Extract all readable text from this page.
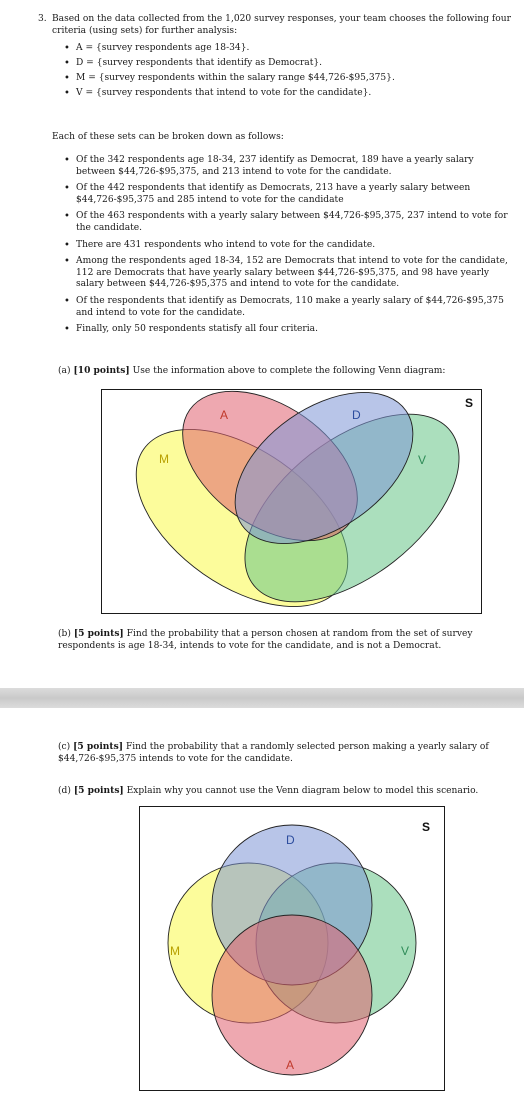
3. Based on the data collected from the 1,020 survey responses, your team chooses the following four criteria (using sets) for further analysis:

• A = {survey respondents age 18-34}.
• D = {survey respondents that identify as Democrat}.
• M = {survey respondents within the salary range $44,726-$95,375}.
• V = {survey respondents that intend to vote for the candidate}.

Each of these sets can be broken down as follows:

• Of the 342 respondents age 18-34, 237 identify as Democrat, 189 have a yearly salary between $44,726-$95,375, and 213 intend to vote for the candidate.
• Of the 442 respondents that identify as Democrats, 213 have a yearly salary between $44,726-$95,375 and 285 intend to vote for the candidate
• Of the 463 respondents with a yearly salary between $44,726-$95,375, 237 intend to vote for the candidate.
• There are 431 respondents who intend to vote for the candidate.
• Among the respondents aged 18-34, 152 are Democrats that intend to vote for the candidate, 112 are Democrats that have yearly salary between $44,726-$95,375, and 98 have yearly salary between $44,726-$95,375 and intend to vote for the candidate.
• Of the respondents that identify as Democrats, 110 make a yearly salary of $44,726-$95,375 and intend to vote for the candidate.
• Finally, only 50 respondents statisfy all four criteria.

(a) [10 points] Use the information above to complete the following Venn diagram:

A	D
M	V
S

(b) [5 points] Find the probability that a person chosen at random from the set of survey respondents is age 18-34, intends to vote for the candidate, and is not a Democrat.

(c) [5 points] Find the probability that a randomly selected person making a yearly salary of $44,726-$95,375 intends to vote for the candidate.

(d) [5 points] Explain why you cannot use the Venn diagram below to model this scenario.

D
M	V
A
S
